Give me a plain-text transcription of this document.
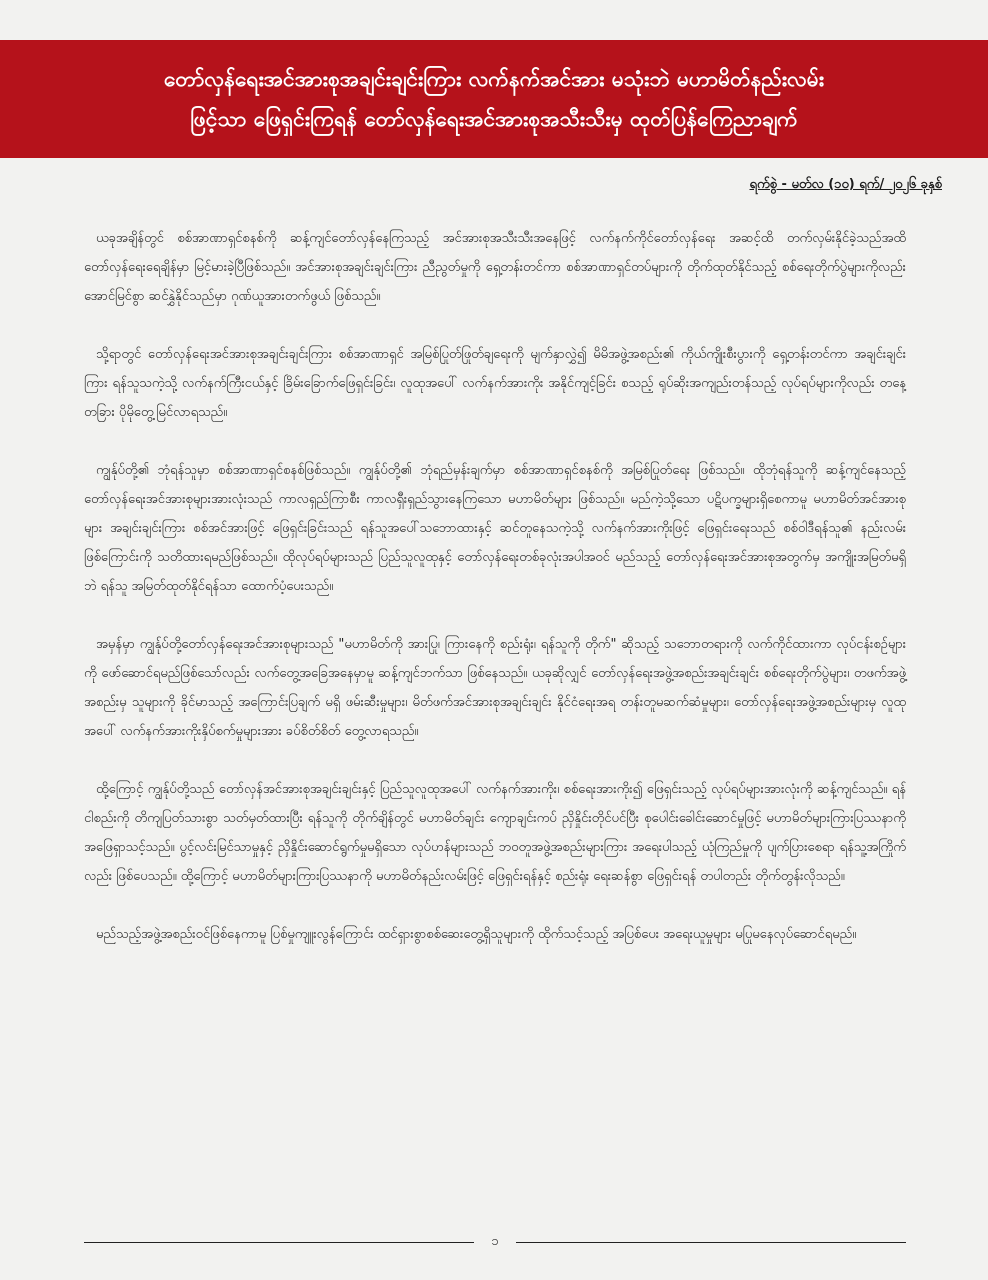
တော်လှန်ရေးအင်အားစုအချင်းချင်းကြား လက်နက်အင်အား မသုံးဘဲ မဟာမိတ်နည်းလမ်း
ဖြင့်သာ ဖြေရှင်းကြရန် တော်လှန်ရေးအင်အားစုအသီးသီးမှ ထုတ်ပြန်ကြေညာချက်
ရက်စွဲ - မတ်လ (၁၀) ရက်/ ၂၀၂၆ ခုနှစ်

ယခုအချိန်တွင် စစ်အာဏာရှင်စနစ်ကို ဆန့်ကျင်တော်လှန်နေကြသည့် အင်အားစုအသီးသီးအနေဖြင့် လက်နက်ကိုင်တော်လှန်ရေး အဆင့်ထိ တက်လှမ်းနိုင်ခဲ့သည်အထိ တော်လှန်ရေးရေချိန်မှာ မြင့်မားခဲ့ပြီဖြစ်သည်။ အင်အားစုအချင်းချင်းကြား ညီညွတ်မှုကို ရှေ့တန်းတင်ကာ စစ်အာဏာရှင်တပ်များကို တိုက်ထုတ်နိုင်သည့် စစ်ရေးတိုက်ပွဲများကိုလည်း အောင်မြင်စွာ ဆင်နွှဲနိုင်သည်မှာ ဂုဏ်ယူအားတက်ဖွယ် ဖြစ်သည်။

သို့ရာတွင် တော်လှန်ရေးအင်အားစုအချင်းချင်းကြား စစ်အာဏာရှင် အမြစ်ပြုတ်ဖြုတ်ချရေးကို မျက်နှာလွှဲ၍ မိမိအဖွဲ့အစည်း၏ ကိုယ်ကျိုးစီးပွားကို ရှေ့တန်းတင်ကာ အချင်းချင်းကြား ရန်သူသကဲ့သို့ လက်နက်ကြီးငယ်နှင့် ခြိမ်းခြောက်ဖြေရှင်းခြင်း၊ လူထုအပေါ် လက်နက်အားကိုး အနိုင်ကျင့်ခြင်း စသည့် ရုပ်ဆိုးအကျည်းတန်သည့် လုပ်ရပ်များကိုလည်း တနေ့တခြား ပိုမိုတွေ့မြင်လာရသည်။

ကျွန်ုပ်တို့၏ ဘုံရန်သူမှာ စစ်အာဏာရှင်စနစ်ဖြစ်သည်။ ကျွန်ုပ်တို့၏ ဘုံရည်မှန်းချက်မှာ စစ်အာဏာရှင်စနစ်ကို အမြစ်ပြုတ်ရေး ဖြစ်သည်။ ထိုဘုံရန်သူကို ဆန့်ကျင်နေသည့် တော်လှန်ရေးအင်အားစုများအားလုံးသည် ကာလရှည်ကြာစီး ကာလရှီးရှည်သွားနေကြသော မဟာမိတ်များ ဖြစ်သည်။ မည်ကဲ့သို့သော ပဋိပက္ခများရှိစေကာမူ မဟာမိတ်အင်အားစုများ အချင်းချင်းကြား စစ်အင်အားဖြင့် ဖြေရှင်းခြင်းသည် ရန်သူအပေါ်သဘောထားနှင့် ဆင်တူနေသကဲ့သို့ လက်နက်အားကိုးဖြင့် ဖြေရှင်းရေးသည် စစ်ဝါဒီရန်သူ၏ နည်းလမ်းဖြစ်ကြောင်းကို သတိထားရမည်ဖြစ်သည်။ ထိုလုပ်ရပ်များသည် ပြည်သူလူထုနှင့် တော်လှန်ရေးတစ်ခုလုံးအပါအဝင် မည်သည့် တော်လှန်ရေးအင်အားစုအတွက်မှ အကျိုးအမြတ်မရှိဘဲ ရန်သူ အမြတ်ထုတ်နိုင်ရန်သာ ထောက်ပံ့ပေးသည်။

အမှန်မှာ ကျွန်ုပ်တို့တော်လှန်ရေးအင်အားစုများသည် "မဟာမိတ်ကို အားပြု၊ ကြားနေကို စည်းရုံး၊ ရန်သူကို တိုက်" ဆိုသည့် သဘောတရားကို လက်ကိုင်ထားကာ လုပ်ငန်းစဉ်များကို ဖော်ဆောင်ရမည်ဖြစ်သော်လည်း လက်တွေ့အခြေအနေမှာမူ ဆန့်ကျင်ဘက်သာ ဖြစ်နေသည်။ ယခုဆိုလျှင် တော်လှန်ရေးအဖွဲ့အစည်းအချင်းချင်း စစ်ရေးတိုက်ပွဲများ၊ တဖက်အဖွဲ့အစည်းမှ သူများကို ခိုင်မာသည့် အကြောင်းပြချက် မရှိ ဖမ်းဆီးမှုများ၊ မိတ်ဖက်အင်အားစုအချင်းချင်း နိုင်ငံရေးအရ တန်းတူမဆက်ဆံမှုများ၊ တော်လှန်ရေးအဖွဲ့အစည်းများမှ လူထုအပေါ် လက်နက်အားကိုးနှိပ်စက်မှုများအား ခပ်စိတ်စိတ် တွေ့လာရသည်။

ထို့ကြောင့် ကျွန်ုပ်တို့သည် တော်လှန်အင်အားစုအချင်းချင်းနှင့် ပြည်သူလူထုအပေါ် လက်နက်အားကိုး၊ စစ်ရေးအားကိုး၍ ဖြေရှင်းသည့် လုပ်ရပ်များအားလုံးကို ဆန့်ကျင်သည်။ ရန်ငါစည်းကို တိကျပြတ်သားစွာ သတ်မှတ်ထားပြီး ရန်သူကို တိုက်ချိန်တွင် မဟာမိတ်ချင်း ကျောချင်းကပ် ညှိနှိုင်းတိုင်ပင်ပြီး စုပေါင်းခေါင်းဆောင်မှုဖြင့် မဟာမိတ်များကြားပြဿနာကို အဖြေရှာသင့်သည်။ ပွင့်လင်းမြင်သာမှုနှင့် ညှိနှိုင်းဆောင်ရွက်မှုမရှိသော လုပ်ဟန်များသည် ဘဝတူအဖွဲ့အစည်းများကြား အရေးပါသည့် ယုံကြည်မှုကို ပျက်ပြားစေရာ ရန်သူ့အကြိုက်လည်း ဖြစ်ပေသည်။ ထို့ကြောင့် မဟာမိတ်များကြားပြဿနာကို မဟာမိတ်နည်းလမ်းဖြင့် ဖြေရှင်းရန်နှင့် စည်းရုံး ရေးဆန်စွာ ဖြေရှင်းရန် တပါတည်း တိုက်တွန်းလိုသည်။

မည်သည့်အဖွဲ့အစည်းဝင်ဖြစ်နေကာမူ ပြစ်မှုကျူးလွန်ကြောင်း ထင်ရှားစွာစစ်ဆေးတွေ့ရှိသူများကို ထိုက်သင့်သည့် အပြစ်ပေး အရေးယူမှုများ မပြုမနေလုပ်ဆောင်ရမည်။

၁
